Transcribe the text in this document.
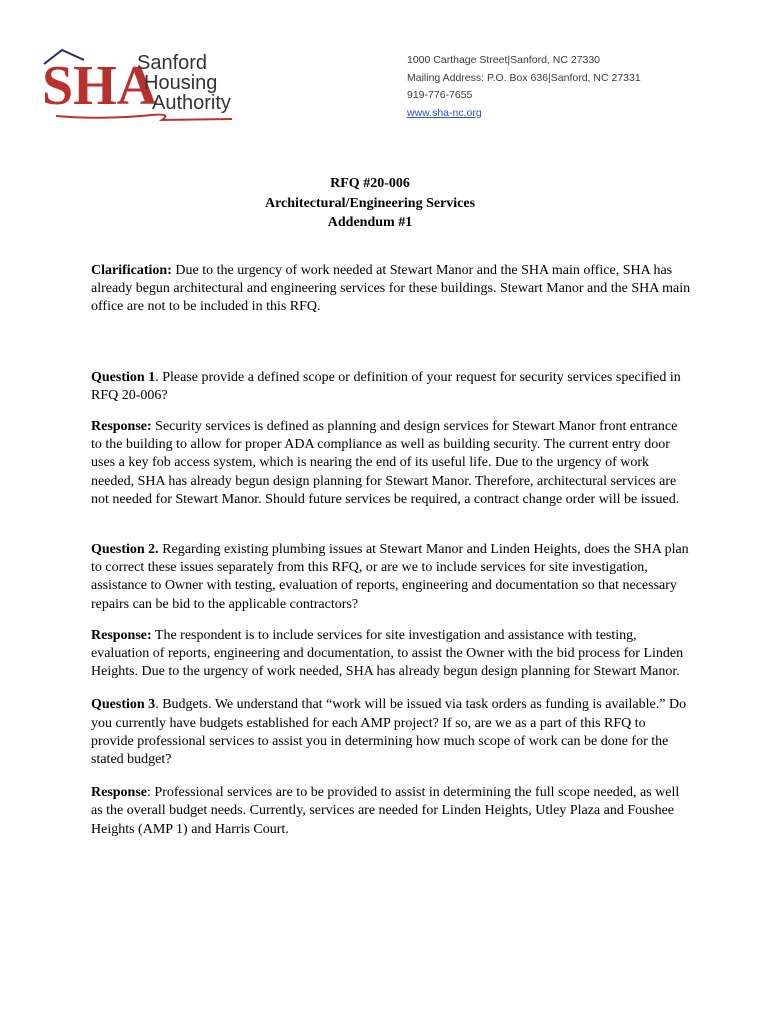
SHA
Sanford
Housing
Authority
1000 Carthage Street|Sanford, NC 27330
Mailing Address: P.O. Box 636|Sanford, NC 27331
919-776-7655
www.sha-nc.org
RFQ #20-006
Architectural/Engineering Services
Addendum #1

Clarification: Due to the urgency of work needed at Stewart Manor and the SHA main office, SHA has already begun architectural and engineering services for these buildings. Stewart Manor and the SHA main office are not to be included in this RFQ.

Question 1. Please provide a defined scope or definition of your request for security services specified in RFQ 20-006?

Response: Security services is defined as planning and design services for Stewart Manor front entrance to the building to allow for proper ADA compliance as well as building security. The current entry door uses a key fob access system, which is nearing the end of its useful life. Due to the urgency of work needed, SHA has already begun design planning for Stewart Manor. Therefore, architectural services are not needed for Stewart Manor. Should future services be required, a contract change order will be issued.

Question 2. Regarding existing plumbing issues at Stewart Manor and Linden Heights, does the SHA plan to correct these issues separately from this RFQ, or are we to include services for site investigation, assistance to Owner with testing, evaluation of reports, engineering and documentation so that necessary repairs can be bid to the applicable contractors?

Response: The respondent is to include services for site investigation and assistance with testing, evaluation of reports, engineering and documentation, to assist the Owner with the bid process for Linden Heights. Due to the urgency of work needed, SHA has already begun design planning for Stewart Manor.

Question 3. Budgets. We understand that “work will be issued via task orders as funding is available.” Do you currently have budgets established for each AMP project? If so, are we as a part of this RFQ to provide professional services to assist you in determining how much scope of work can be done for the stated budget?

Response: Professional services are to be provided to assist in determining the full scope needed, as well as the overall budget needs. Currently, services are needed for Linden Heights, Utley Plaza and Foushee Heights (AMP 1) and Harris Court.
